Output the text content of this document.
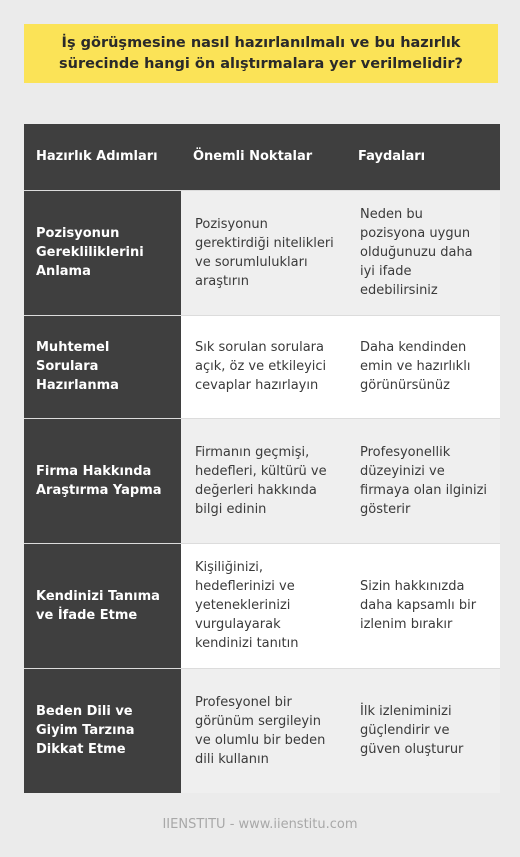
İş görüşmesine nasıl hazırlanılmalı ve bu hazırlık sürecinde hangi ön alıştırmalara yer verilmelidir?
Hazırlık Adımları	Önemli Noktalar	Faydaları
Pozisyonun Gerekliliklerini Anlama	Pozisyonun gerektirdiği nitelikleri ve sorumlulukları araştırın	Neden bu pozisyona uygun olduğunuzu daha iyi ifade edebilirsiniz
Muhtemel Sorulara Hazırlanma	Sık sorulan sorulara açık, öz ve etkileyici cevaplar hazırlayın	Daha kendinden emin ve hazırlıklı görünürsünüz
Firma Hakkında Araştırma Yapma	Firmanın geçmişi, hedefleri, kültürü ve değerleri hakkında bilgi edinin	Profesyonellik düzeyinizi ve firmaya olan ilginizi gösterir
Kendinizi Tanıma ve İfade Etme	Kişiliğinizi, hedeflerinizi ve yeteneklerinizi vurgulayarak kendinizi tanıtın	Sizin hakkınızda daha kapsamlı bir izlenim bırakır
Beden Dili ve Giyim Tarzına Dikkat Etme	Profesyonel bir görünüm sergileyin ve olumlu bir beden dili kullanın	İlk izleniminizi güçlendirir ve güven oluşturur
IIENSTITU - www.iienstitu.com
